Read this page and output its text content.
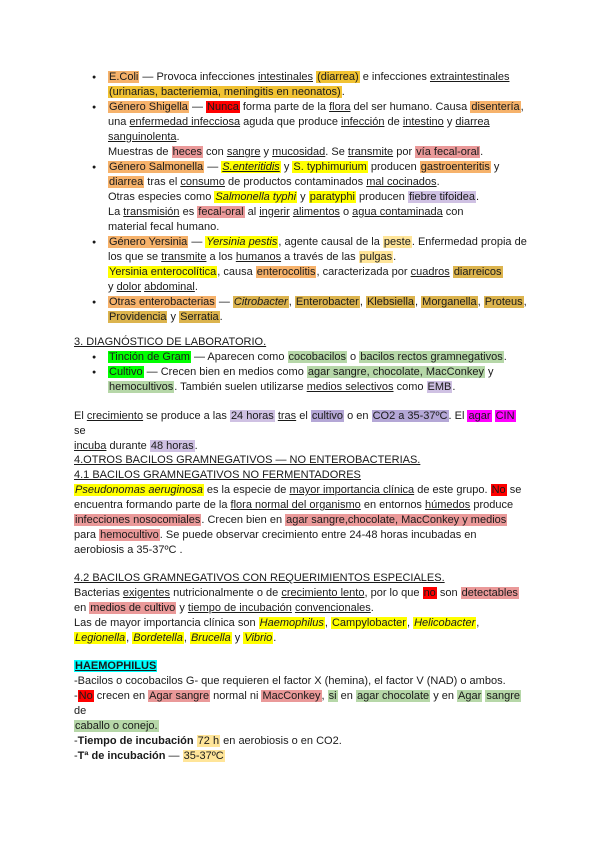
● E.Coli — Provoca infecciones intestinales (diarrea) e infecciones extraintestinales

(urinarias, bacteriemia, meningitis en neonatos).

● Género Shigella — Nunca forma parte de la flora del ser humano. Causa disentería,

una enfermedad infecciosa aguda que produce infección de intestino y diarrea sanguinolenta.

Muestras de heces con sangre y mucosidad. Se transmite por vía fecal-oral.

● Género Salmonella — S.enteritidis y S. typhimurium producen gastroenteritis y

diarrea tras el consumo de productos contaminados mal cocinados.

Otras especies como Salmonella typhi y paratyphi producen fiebre tifoidea.

La transmisión es fecal-oral al ingerir alimentos o agua contaminada con

material fecal humano.

● Género Yersinia — Yersinia pestis, agente causal de la peste. Enfermedad propia de

los que se transmite a los humanos a través de las pulgas.

Yersinia enterocolítica, causa enterocolitis, caracterizada por cuadros diarreicos

y dolor abdominal.

● Otras enterobacterias — Citrobacter, Enterobacter, Klebsiella, Morganella, Proteus,

Providencia y Serratia.

3. DIAGNÓSTICO DE LABORATORIO.

● Tinción de Gram — Aparecen como cocobacilos o bacilos rectos gramnegativos.

● Cultivo — Crecen bien en medios como agar sangre, chocolate, MacConkey y

hemocultivos. También suelen utilizarse medios selectivos como EMB.

El crecimiento se produce a las 24 horas tras el cultivo o en CO2 a 35-37ºC. El agar CIN se

incuba durante 48 horas.

4.OTROS BACILOS GRAMNEGATIVOS — NO ENTEROBACTERIAS.

4.1 BACILOS GRAMNEGATIVOS NO FERMENTADORES

Pseudonomas aeruginosa es la especie de mayor importancia clínica de este grupo. No se

encuentra formando parte de la flora normal del organismo en entornos húmedos produce

infecciones nosocomiales. Crecen bien en agar sangre,chocolate, MacConkey y medios

para hemocultivo. Se puede observar crecimiento entre 24-48 horas incubadas en

aerobiosis a 35-37ºC .

4.2 BACILOS GRAMNEGATIVOS CON REQUERIMIENTOS ESPECIALES.

Bacterias exigentes nutricionalmente o de crecimiento lento, por lo que no son detectables

en medios de cultivo y tiempo de incubación convencionales.

Las de mayor importancia clínica son Haemophilus, Campylobacter, Helicobacter,

Legionella, Bordetella, Brucella y Vibrio.

HAEMOPHILUS

-Bacilos o cocobacilos G- que requieren el factor X (hemina), el factor V (NAD) o ambos.

-No crecen en Agar sangre normal ni MacConkey, si en agar chocolate y en Agar sangre de

caballo o conejo.

-Tiempo de incubación 72 h en aerobiosis o en CO2.

-Tª de incubación — 35-37ºC
